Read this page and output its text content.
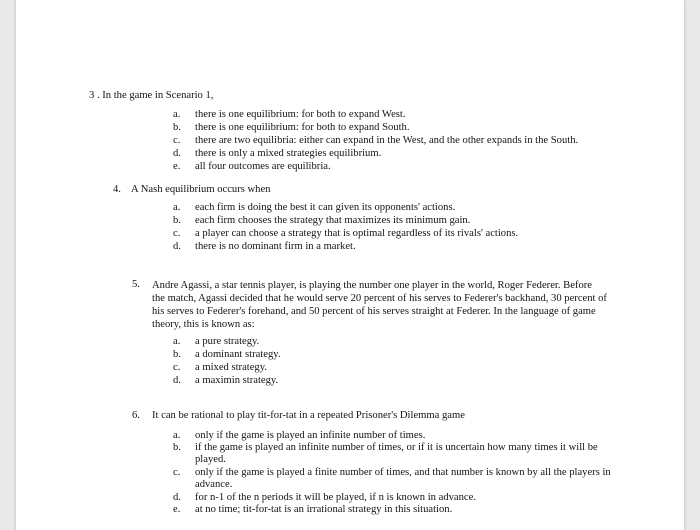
3 . In the game in Scenario 1,
a. there is one equilibrium: for both to expand West.
b. there is one equilibrium: for both to expand South.
c. there are two equilibria: either can expand in the West, and the other expands in the South.
d. there is only a mixed strategies equilibrium.
e. all four outcomes are equilibria.
4. A Nash equilibrium occurs when
a. each firm is doing the best it can given its opponents' actions.
b. each firm chooses the strategy that maximizes its minimum gain.
c. a player can choose a strategy that is optimal regardless of its rivals' actions.
d. there is no dominant firm in a market.
5. Andre Agassi, a star tennis player, is playing the number one player in the world, Roger Federer. Before the match, Agassi decided that he would serve 20 percent of his serves to Federer's backhand, 30 percent of his serves to Federer's forehand, and 50 percent of his serves straight at Federer. In the language of game theory, this is known as:
a. a pure strategy.
b. a dominant strategy.
c. a mixed strategy.
d. a maximin strategy.
6. It can be rational to play tit-for-tat in a repeated Prisoner's Dilemma game
a. only if the game is played an infinite number of times.
b. if the game is played an infinite number of times, or if it is uncertain how many times it will be played.
c. only if the game is played a finite number of times, and that number is known by all the players in advance.
d. for n-1 of the n periods it will be played, if n is known in advance.
e. at no time; tit-for-tat is an irrational strategy in this situation.
